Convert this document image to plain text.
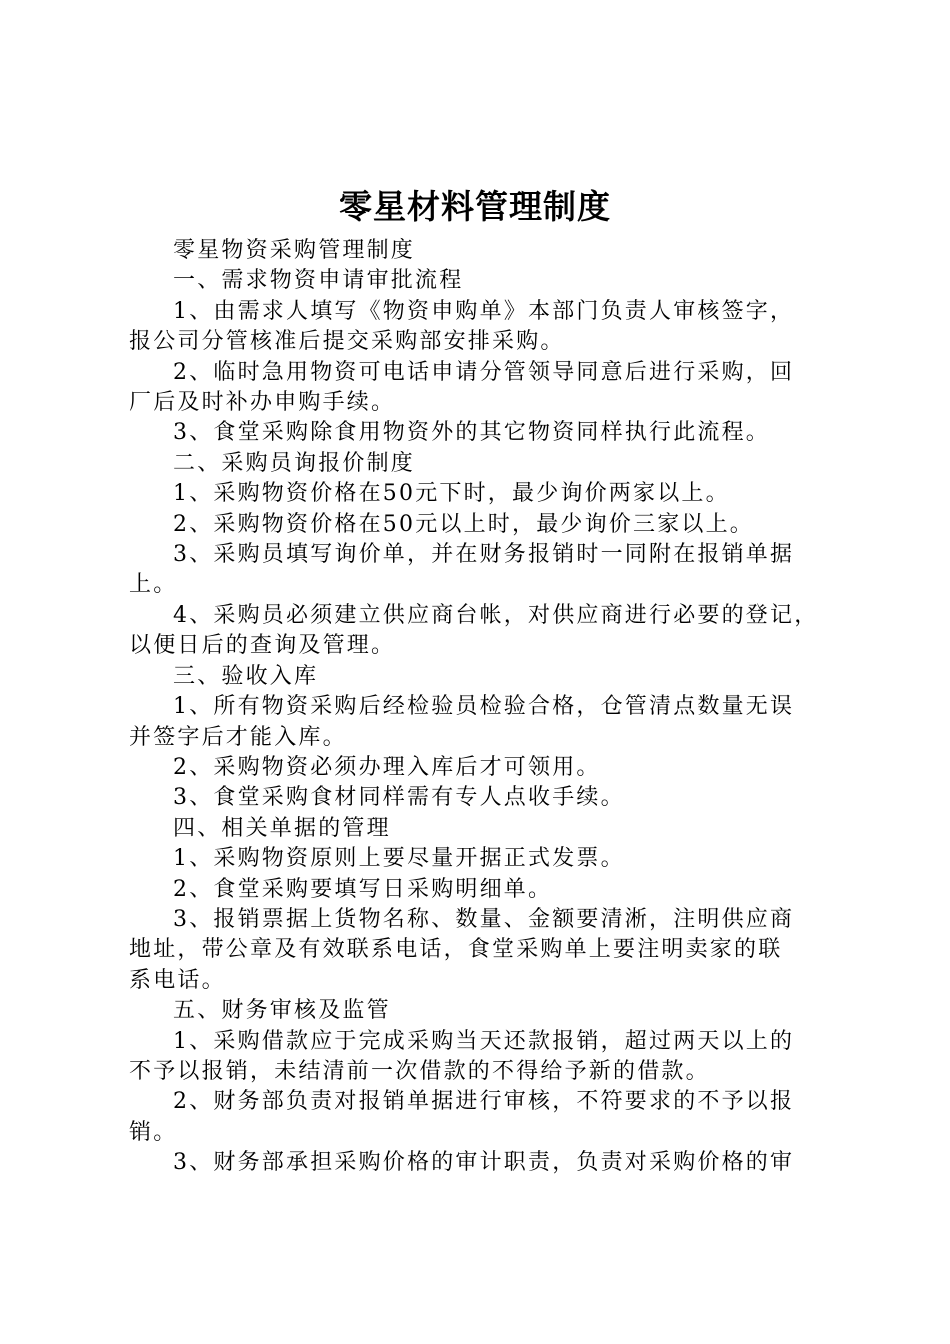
零星材料管理制度

零星物资采购管理制度

一、需求物资申请审批流程

1、由需求人填写《物资申购单》本部门负责人审核签字，

报公司分管核准后提交采购部安排采购。

2、临时急用物资可电话申请分管领导同意后进行采购，回

厂后及时补办申购手续。

3、食堂采购除食用物资外的其它物资同样执行此流程。

二、采购员询报价制度

1、采购物资价格在50元下时，最少询价两家以上。

2、采购物资价格在50元以上时，最少询价三家以上。

3、采购员填写询价单，并在财务报销时一同附在报销单据

上。

4、采购员必须建立供应商台帐，对供应商进行必要的登记，

以便日后的查询及管理。

三、验收入库

1、所有物资采购后经检验员检验合格，仓管清点数量无误

并签字后才能入库。

2、采购物资必须办理入库后才可领用。

3、食堂采购食材同样需有专人点收手续。

四、相关单据的管理

1、采购物资原则上要尽量开据正式发票。

2、食堂采购要填写日采购明细单。

3、报销票据上货物名称、数量、金额要清淅，注明供应商

地址，带公章及有效联系电话，食堂采购单上要注明卖家的联

系电话。

五、财务审核及监管

1、采购借款应于完成采购当天还款报销，超过两天以上的

不予以报销，未结清前一次借款的不得给予新的借款。

2、财务部负责对报销单据进行审核，不符要求的不予以报

销。

3、财务部承担采购价格的审计职责，负责对采购价格的审
